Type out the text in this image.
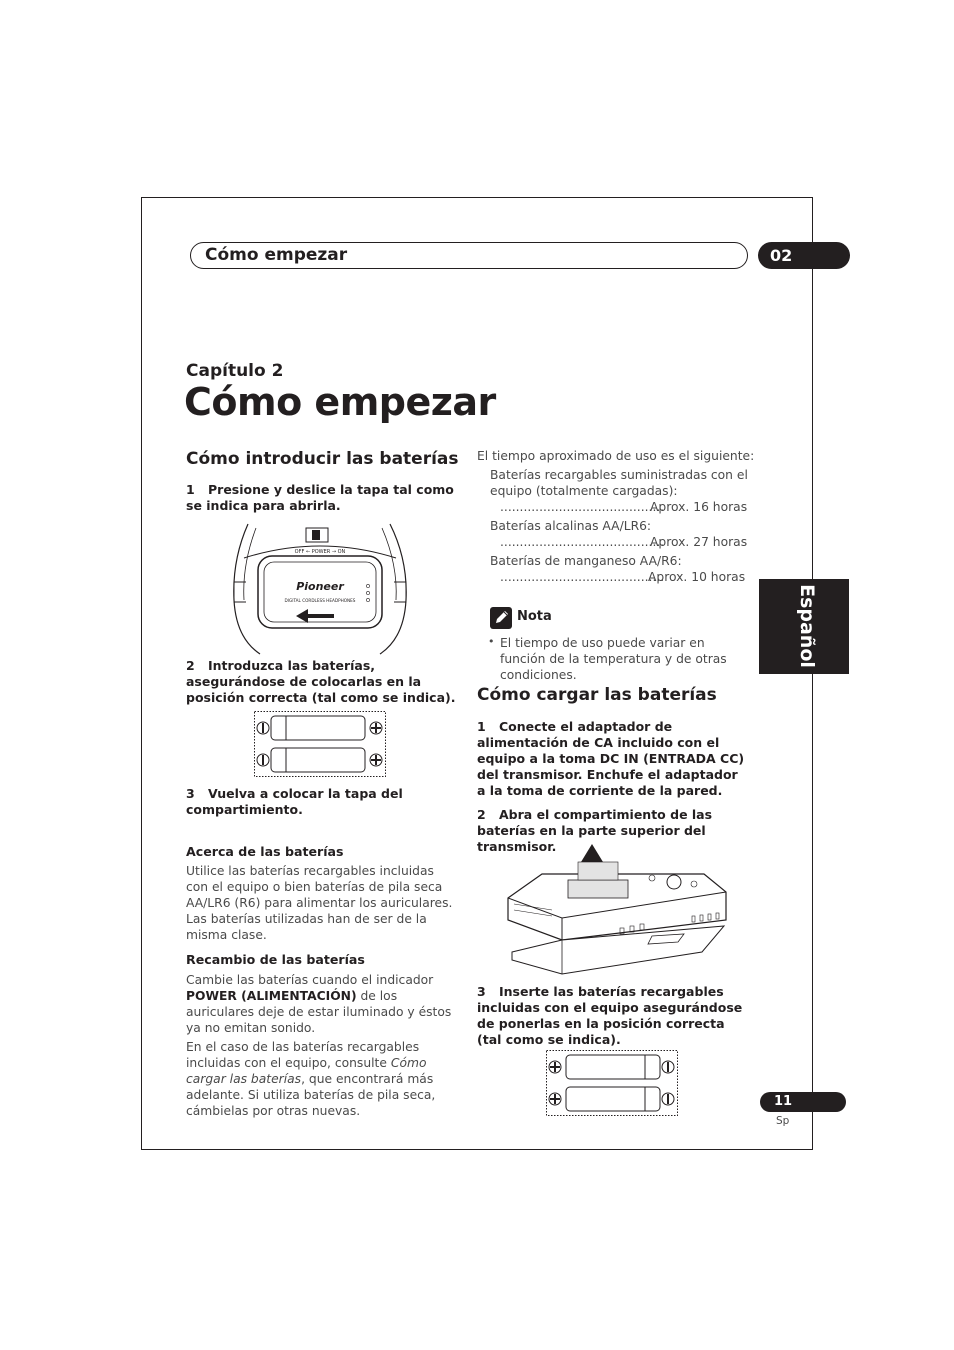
Cómo empezar	02
Capítulo 2
Cómo empezar
Cómo introducir las baterías
1 Presione y deslice la tapa tal como se indica para abrirla.
OFF ← POWER → ON
Pioneer
DIGITAL CORDLESS HEADPHONES
2 Introduzca las baterías, asegurándose de colocarlas en la posición correcta (tal como se indica).
3 Vuelva a colocar la tapa del compartimiento.
Acerca de las baterías
Utilice las baterías recargables incluidas con el equipo o bien baterías de pila seca AA/LR6 (R6) para alimentar los auriculares. Las baterías utilizadas han de ser de la misma clase.
Recambio de las baterías
Cambie las baterías cuando el indicador POWER (ALIMENTACIÓN) de los auriculares deje de estar iluminado y éstos ya no emitan sonido.
En el caso de las baterías recargables incluidas con el equipo, consulte Cómo cargar las baterías, que encontrará más adelante. Si utiliza baterías de pila seca, cámbielas por otras nuevas.
El tiempo aproximado de uso es el siguiente:
Baterías recargables suministradas con el
equipo (totalmente cargadas):
..........................................
Aprox. 16 horas
Baterías alcalinas AA/LR6:
..........................................
Aprox. 27 horas
Baterías de manganeso AA/R6:
..........................................
Aprox. 10 horas
Nota
• El tiempo de uso puede variar en función de la temperatura y de otras condiciones.
Cómo cargar las baterías
1 Conecte el adaptador de alimentación de CA incluido con el equipo a la toma DC IN (ENTRADA CC) del transmisor. Enchufe el adaptador a la toma de corriente de la pared.
2 Abra el compartimiento de las baterías en la parte superior del transmisor.
3 Inserte las baterías recargables incluidas con el equipo asegurándose de ponerlas en la posición correcta (tal como se indica).
Español
11
Sp
